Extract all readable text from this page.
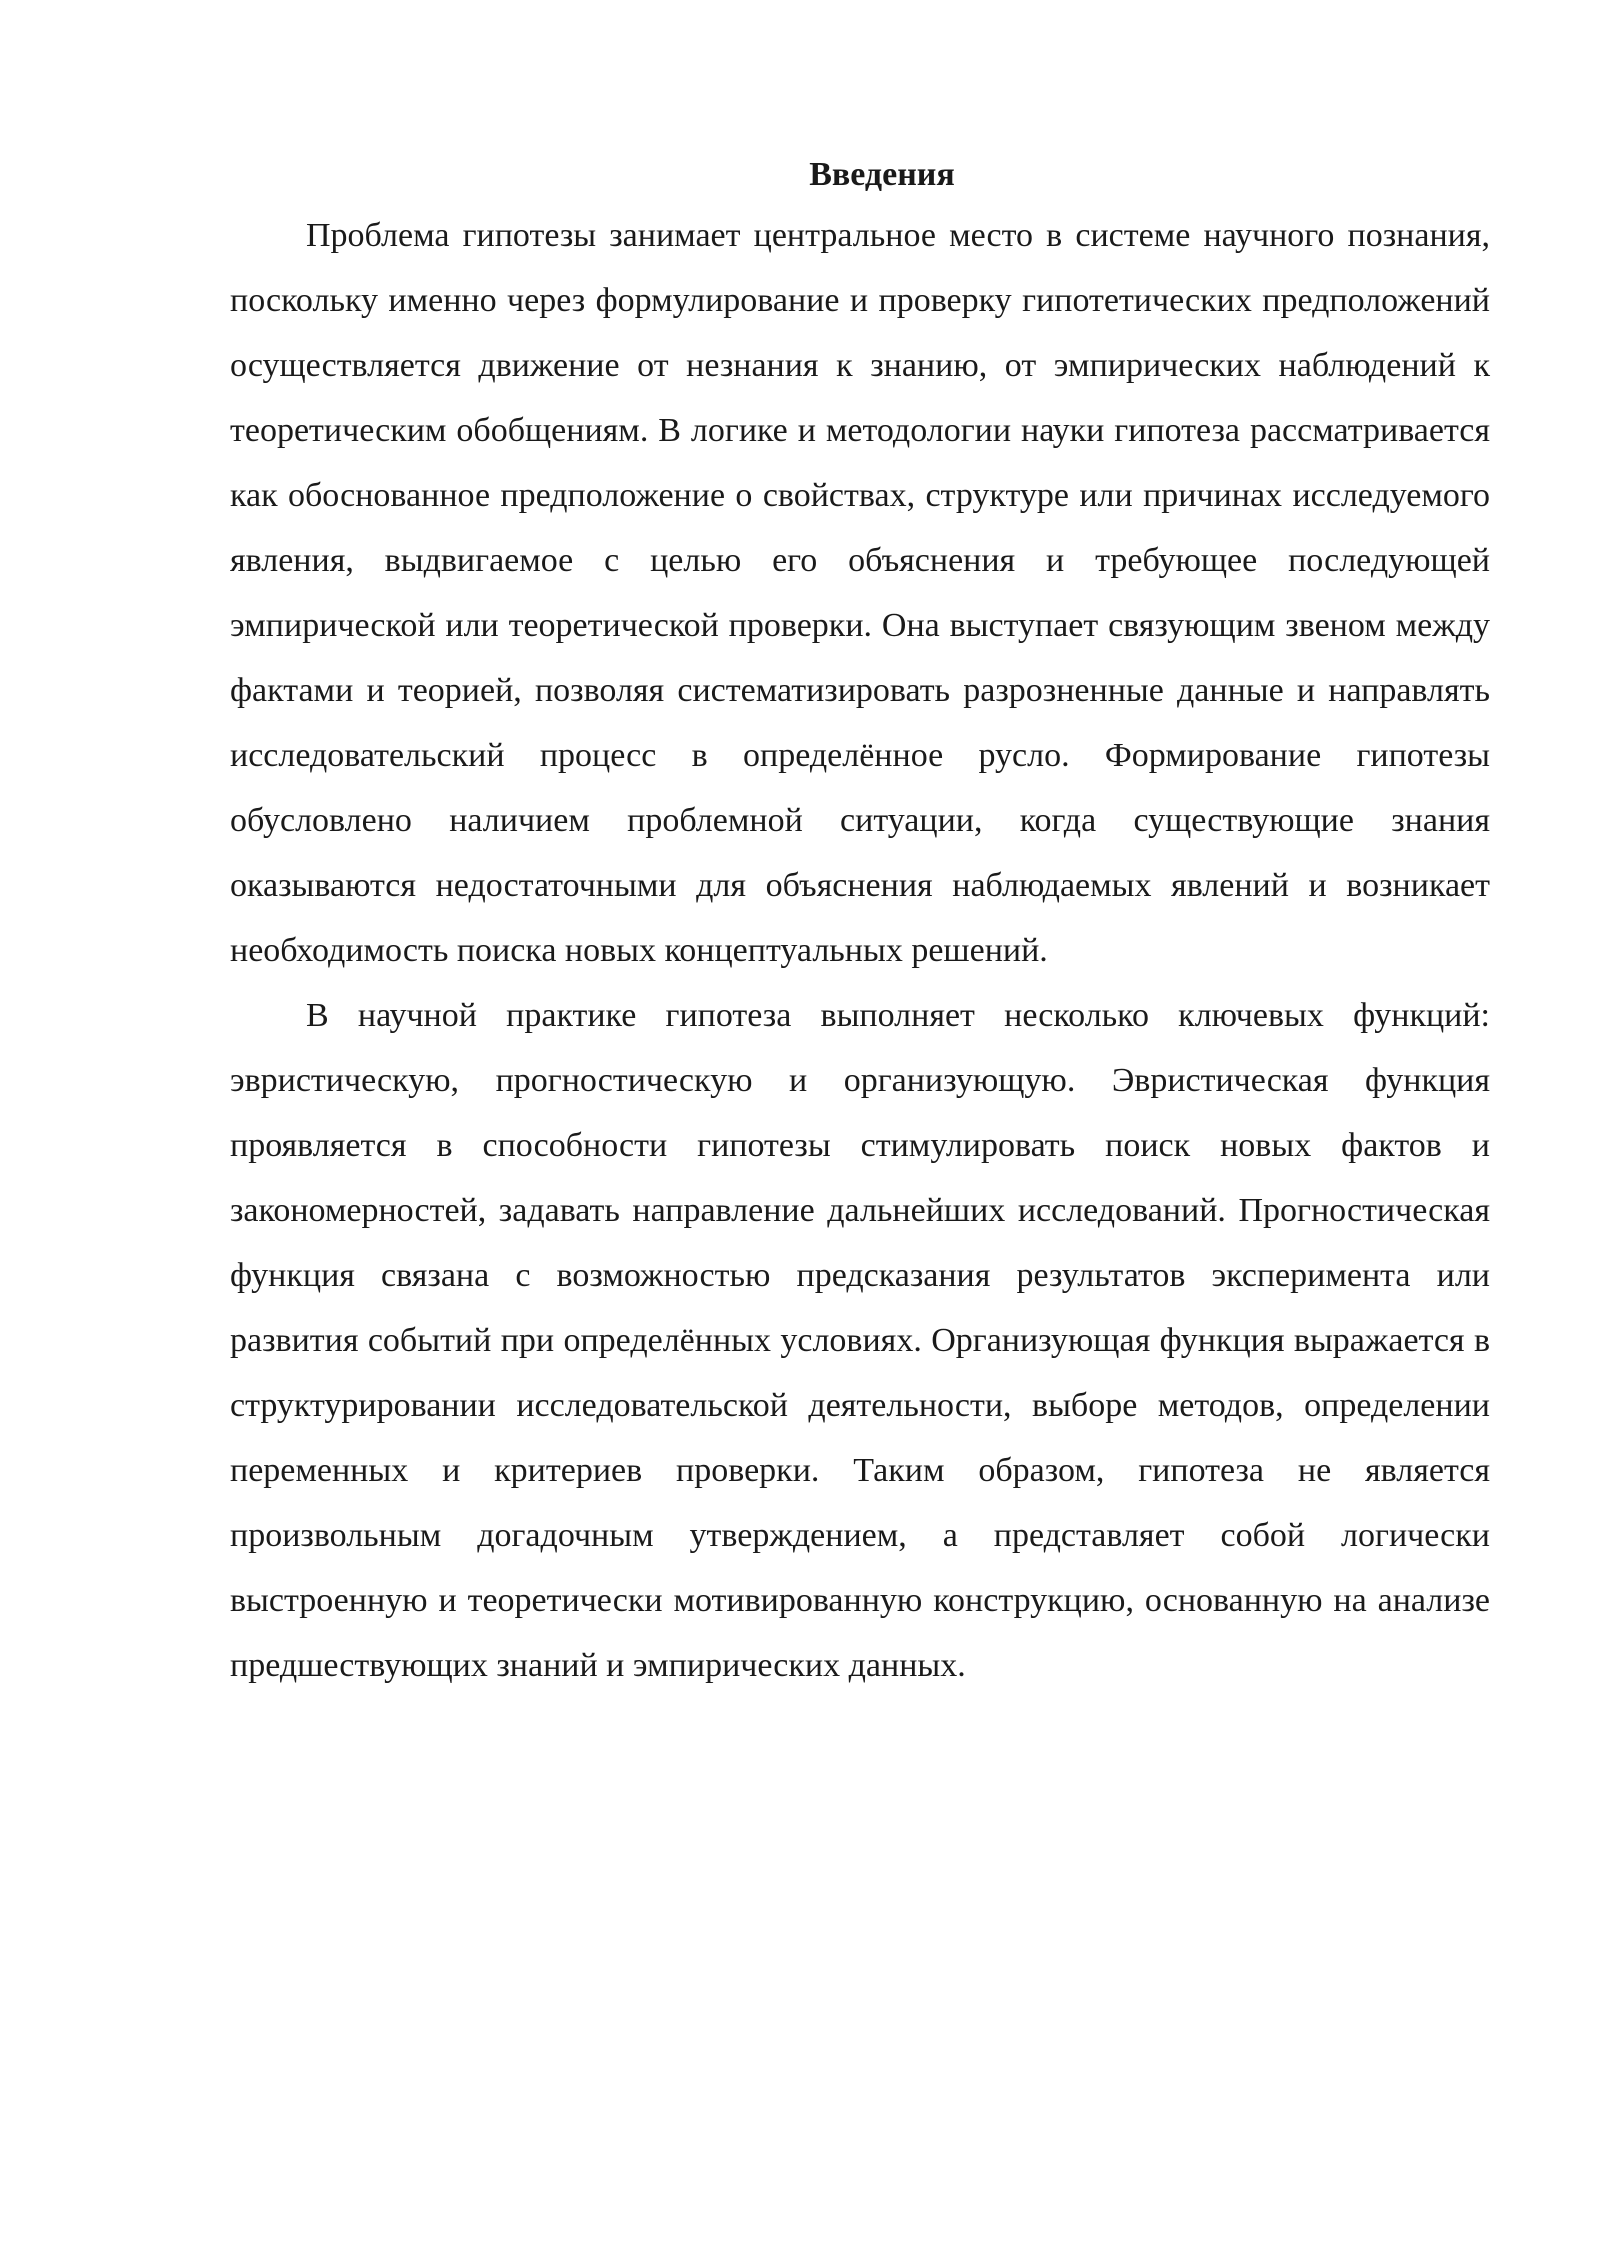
Введения

Проблема гипотезы занимает центральное место в системе научного познания, поскольку именно через формулирование и проверку гипотетических предположений осуществляется движение от незнания к знанию, от эмпирических наблюдений к теоретическим обобщениям. В логике и методологии науки гипотеза рассматривается как обоснованное предположение о свойствах, структуре или причинах исследуемого явления, выдвигаемое с целью его объяснения и требующее последующей эмпирической или теоретической проверки. Она выступает связующим звеном между фактами и теорией, позволяя систематизировать разрозненные данные и направлять исследовательский процесс в определённое русло. Формирование гипотезы обусловлено наличием проблемной ситуации, когда существующие знания оказываются недостаточными для объяснения наблюдаемых явлений и возникает необходимость поиска новых концептуальных решений.

В научной практике гипотеза выполняет несколько ключевых функций: эвристическую, прогностическую и организующую. Эвристическая функция проявляется в способности гипотезы стимулировать поиск новых фактов и закономерностей, задавать направление дальнейших исследований. Прогностическая функция связана с возможностью предсказания результатов эксперимента или развития событий при определённых условиях. Организующая функция выражается в структурировании исследовательской деятельности, выборе методов, определении переменных и критериев проверки. Таким образом, гипотеза не является произвольным догадочным утверждением, а представляет собой логически выстроенную и теоретически мотивированную конструкцию, основанную на анализе предшествующих знаний и эмпирических данных.
